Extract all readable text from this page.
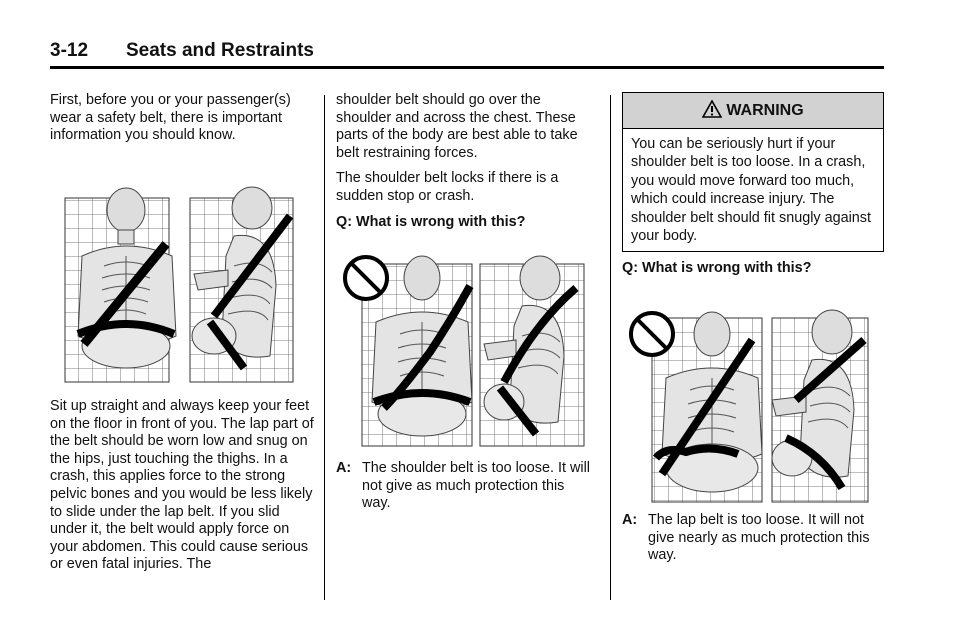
3-12 Seats and Restraints

First, before you or your passenger(s) wear a safety belt, there is important information you should know.

Sit up straight and always keep your feet on the floor in front of you. The lap part of the belt should be worn low and snug on the hips, just touching the thighs. In a crash, this applies force to the strong pelvic bones and you would be less likely to slide under the lap belt. If you slid under it, the belt would apply force on your abdomen. This could cause serious or even fatal injuries. The

shoulder belt should go over the shoulder and across the chest. These parts of the body are best able to take belt restraining forces.

The shoulder belt locks if there is a sudden stop or crash.

Q: What is wrong with this?

A: The shoulder belt is too loose. It will not give as much protection this way.

WARNING

You can be seriously hurt if your shoulder belt is too loose. In a crash, you would move forward too much, which could increase injury. The shoulder belt should fit snugly against your body.

Q: What is wrong with this?

A: The lap belt is too loose. It will not give nearly as much protection this way.
